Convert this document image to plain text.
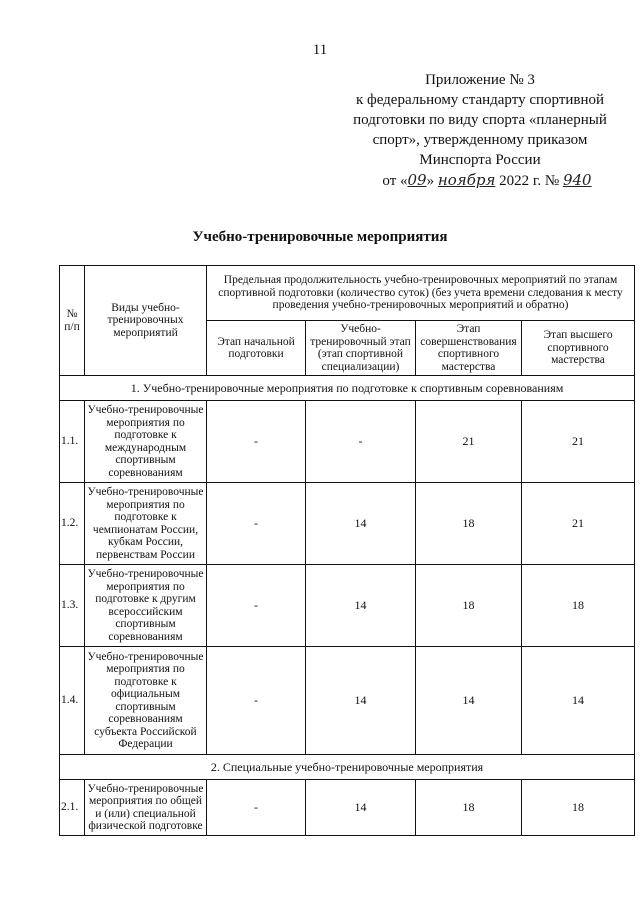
11
Приложение № 3
к федеральному стандарту спортивной
подготовки по виду спорта «планерный
спорт», утвержденному приказом
Минспорта России
от «09» ноября 2022 г. № 940
Учебно-тренировочные мероприятия
№ п/п	Виды учебно-тренировочных мероприятий	Предельная продолжительность учебно-тренировочных мероприятий по этапам спортивной подготовки (количество суток) (без учета времени следования к месту проведения учебно-тренировочных мероприятий и обратно)			
		Этап начальной подготовки	Учебно-тренировочный этап (этап спортивной специализации)	Этап совершенствования спортивного мастерства	Этап высшего спортивного мастерства
1. Учебно-тренировочные мероприятия по подготовке к спортивным соревнованиям					
1.1.	Учебно-тренировочные мероприятия по подготовке к международным спортивным соревнованиям	-	-	21	21
1.2.	Учебно-тренировочные мероприятия по подготовке к чемпионатам России, кубкам России, первенствам России	-	14	18	21
1.3.	Учебно-тренировочные мероприятия по подготовке к другим всероссийским спортивным соревнованиям	-	14	18	18
1.4.	Учебно-тренировочные мероприятия по подготовке к официальным спортивным соревнованиям субъекта Российской Федерации	-	14	14	14
2. Специальные учебно-тренировочные мероприятия					
2.1.	Учебно-тренировочные мероприятия по общей и (или) специальной физической подготовке	-	14	18	18
